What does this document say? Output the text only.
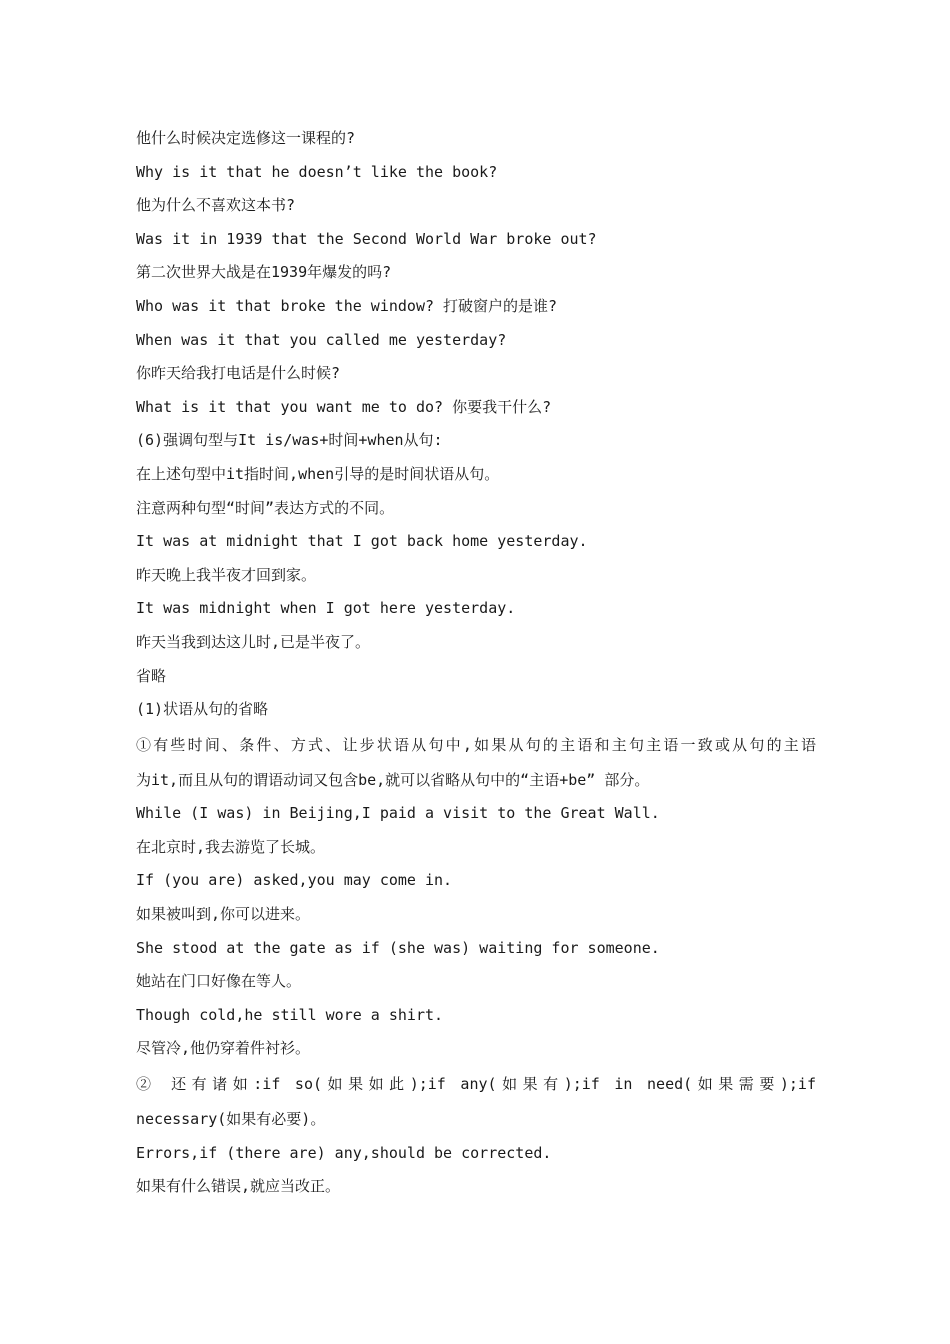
他什么时候决定选修这一课程的?
Why is it that he doesn’t like the book?
他为什么不喜欢这本书?
Was it in 1939 that the Second World War broke out?
第二次世界大战是在1939年爆发的吗?
Who was it that broke the window? 打破窗户的是谁?
When was it that you called me yesterday?
你昨天给我打电话是什么时候?
What is it that you want me to do? 你要我干什么?
(6)强调句型与It is/was+时间+when从句:
在上述句型中it指时间,when引导的是时间状语从句。
注意两种句型“时间”表达方式的不同。
It was at midnight that I got back home yesterday.
昨天晚上我半夜才回到家。
It was midnight when I got here yesterday.
昨天当我到达这儿时,已是半夜了。
省略
(1)状语从句的省略
①有些时间、条件、方式、让步状语从句中,如果从句的主语和主句主语一致或从句的主语
为it,而且从句的谓语动词又包含be,就可以省略从句中的“主语+be” 部分。
While (I was) in Beijing,I paid a visit to the Great Wall.
在北京时,我去游览了长城。
If (you are) asked,you may come in.
如果被叫到,你可以进来。
She stood at the gate as if (she was) waiting for someone.
她站在门口好像在等人。
Though cold,he still wore a shirt.
尽管冷,他仍穿着件衬衫。
② 还有诸如:if so(如果如此);if any(如果有);if in need(如果需要);if
necessary(如果有必要)。
Errors,if (there are) any,should be corrected.
如果有什么错误,就应当改正。
